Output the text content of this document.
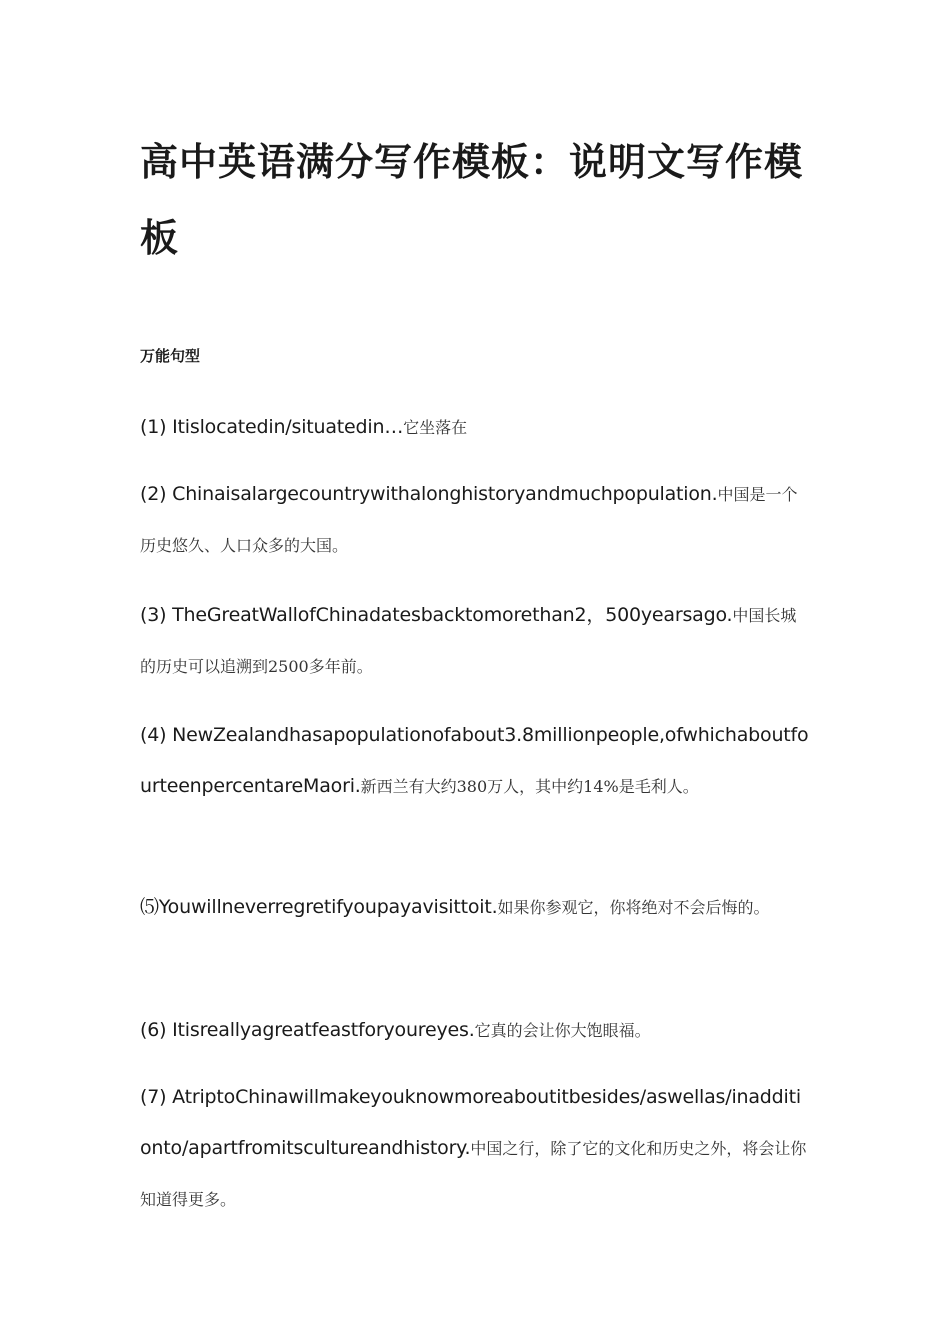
高中英语满分写作模板：说明文写作模板
万能句型

(1) Itislocatedin/situatedin…它坐落在

(2) Chinaisalargecountrywithalonghistoryandmuchpopulation.中国是一个历史悠久、人口众多的大国。

(3) TheGreatWallofChinadatesbacktomorethan2，500yearsago.中国长城的历史可以追溯到2500多年前。

(4) NewZealandhasapopulationofabout3.8millionpeople,ofwhichaboutfourteenpercentareMaori.新西兰有大约380万人，其中约14%是毛利人。

⑸Youwillneverregretifyoupayavisittoit.如果你参观它，你将绝对不会后悔的。

(6) Itisreallyagreatfeastforyoureyes.它真的会让你大饱眼福。

(7) AtriptoChinawillmakeyouknowmoreaboutitbesides/aswellas/inadditionto/apartfromitscultureandhistory.中国之行，除了它的文化和历史之外，将会让你知道得更多。
